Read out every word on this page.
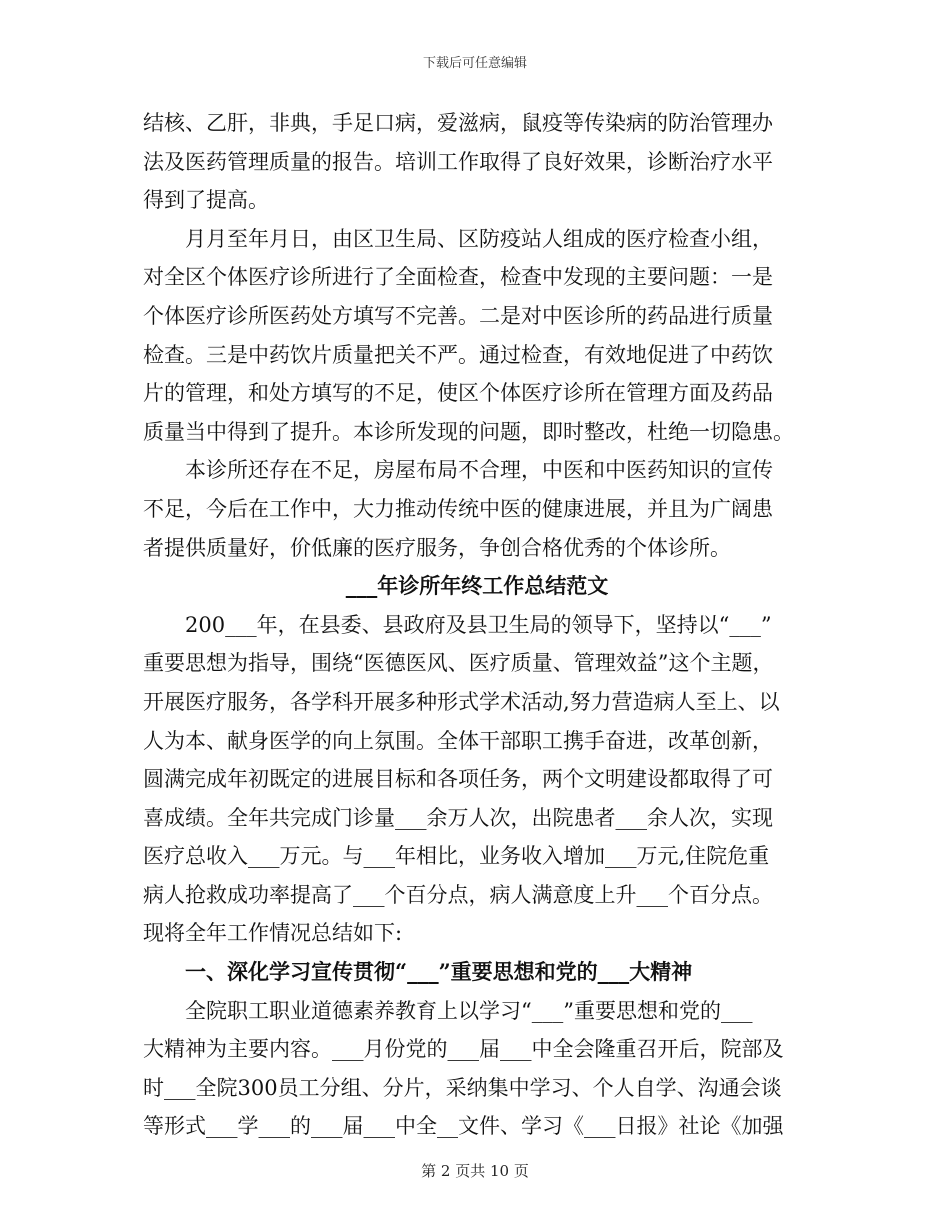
下载后可任意编辑
结核、乙肝，非典，手足口病，爱滋病，鼠疫等传染病的防治管理办
法及医药管理质量的报告。培训工作取得了良好效果，诊断治疗水平
得到了提高。
月月至年月日，由区卫生局、区防疫站人组成的医疗检查小组，
对全区个体医疗诊所进行了全面检查，检查中发现的主要问题：一是
个体医疗诊所医药处方填写不完善。二是对中医诊所的药品进行质量
检查。三是中药饮片质量把关不严。通过检查，有效地促进了中药饮
片的管理，和处方填写的不足，使区个体医疗诊所在管理方面及药品
质量当中得到了提升。本诊所发现的问题，即时整改，杜绝一切隐患。
本诊所还存在不足，房屋布局不合理，中医和中医药知识的宣传
不足，今后在工作中，大力推动传统中医的健康进展，并且为广阔患
者提供质量好，价低廉的医疗服务，争创合格优秀的个体诊所。
___年诊所年终工作总结范文
200___年，在县委、县政府及县卫生局的领导下，坚持以“___”
重要思想为指导，围绕“医德医风、医疗质量、管理效益”这个主题，
开展医疗服务，各学科开展多种形式学术活动,努力营造病人至上、以
人为本、献身医学的向上氛围。全体干部职工携手奋进，改革创新，
圆满完成年初既定的进展目标和各项任务，两个文明建设都取得了可
喜成绩。全年共完成门诊量___余万人次，出院患者___余人次，实现
医疗总收入___万元。与___年相比，业务收入增加___万元,住院危重
病人抢救成功率提高了___个百分点，病人满意度上升___个百分点。
现将全年工作情况总结如下:
一、深化学习宣传贯彻“___”重要思想和党的___大精神
全院职工职业道德素养教育上以学习“___”重要思想和党的___
大精神为主要内容。___月份党的___届___中全会隆重召开后，院部及
时___全院300员工分组、分片，采纳集中学习、个人自学、沟通会谈
等形式___学___的___届___中全__文件、学习《___日报》社论《加强
第 2 页共 10 页
